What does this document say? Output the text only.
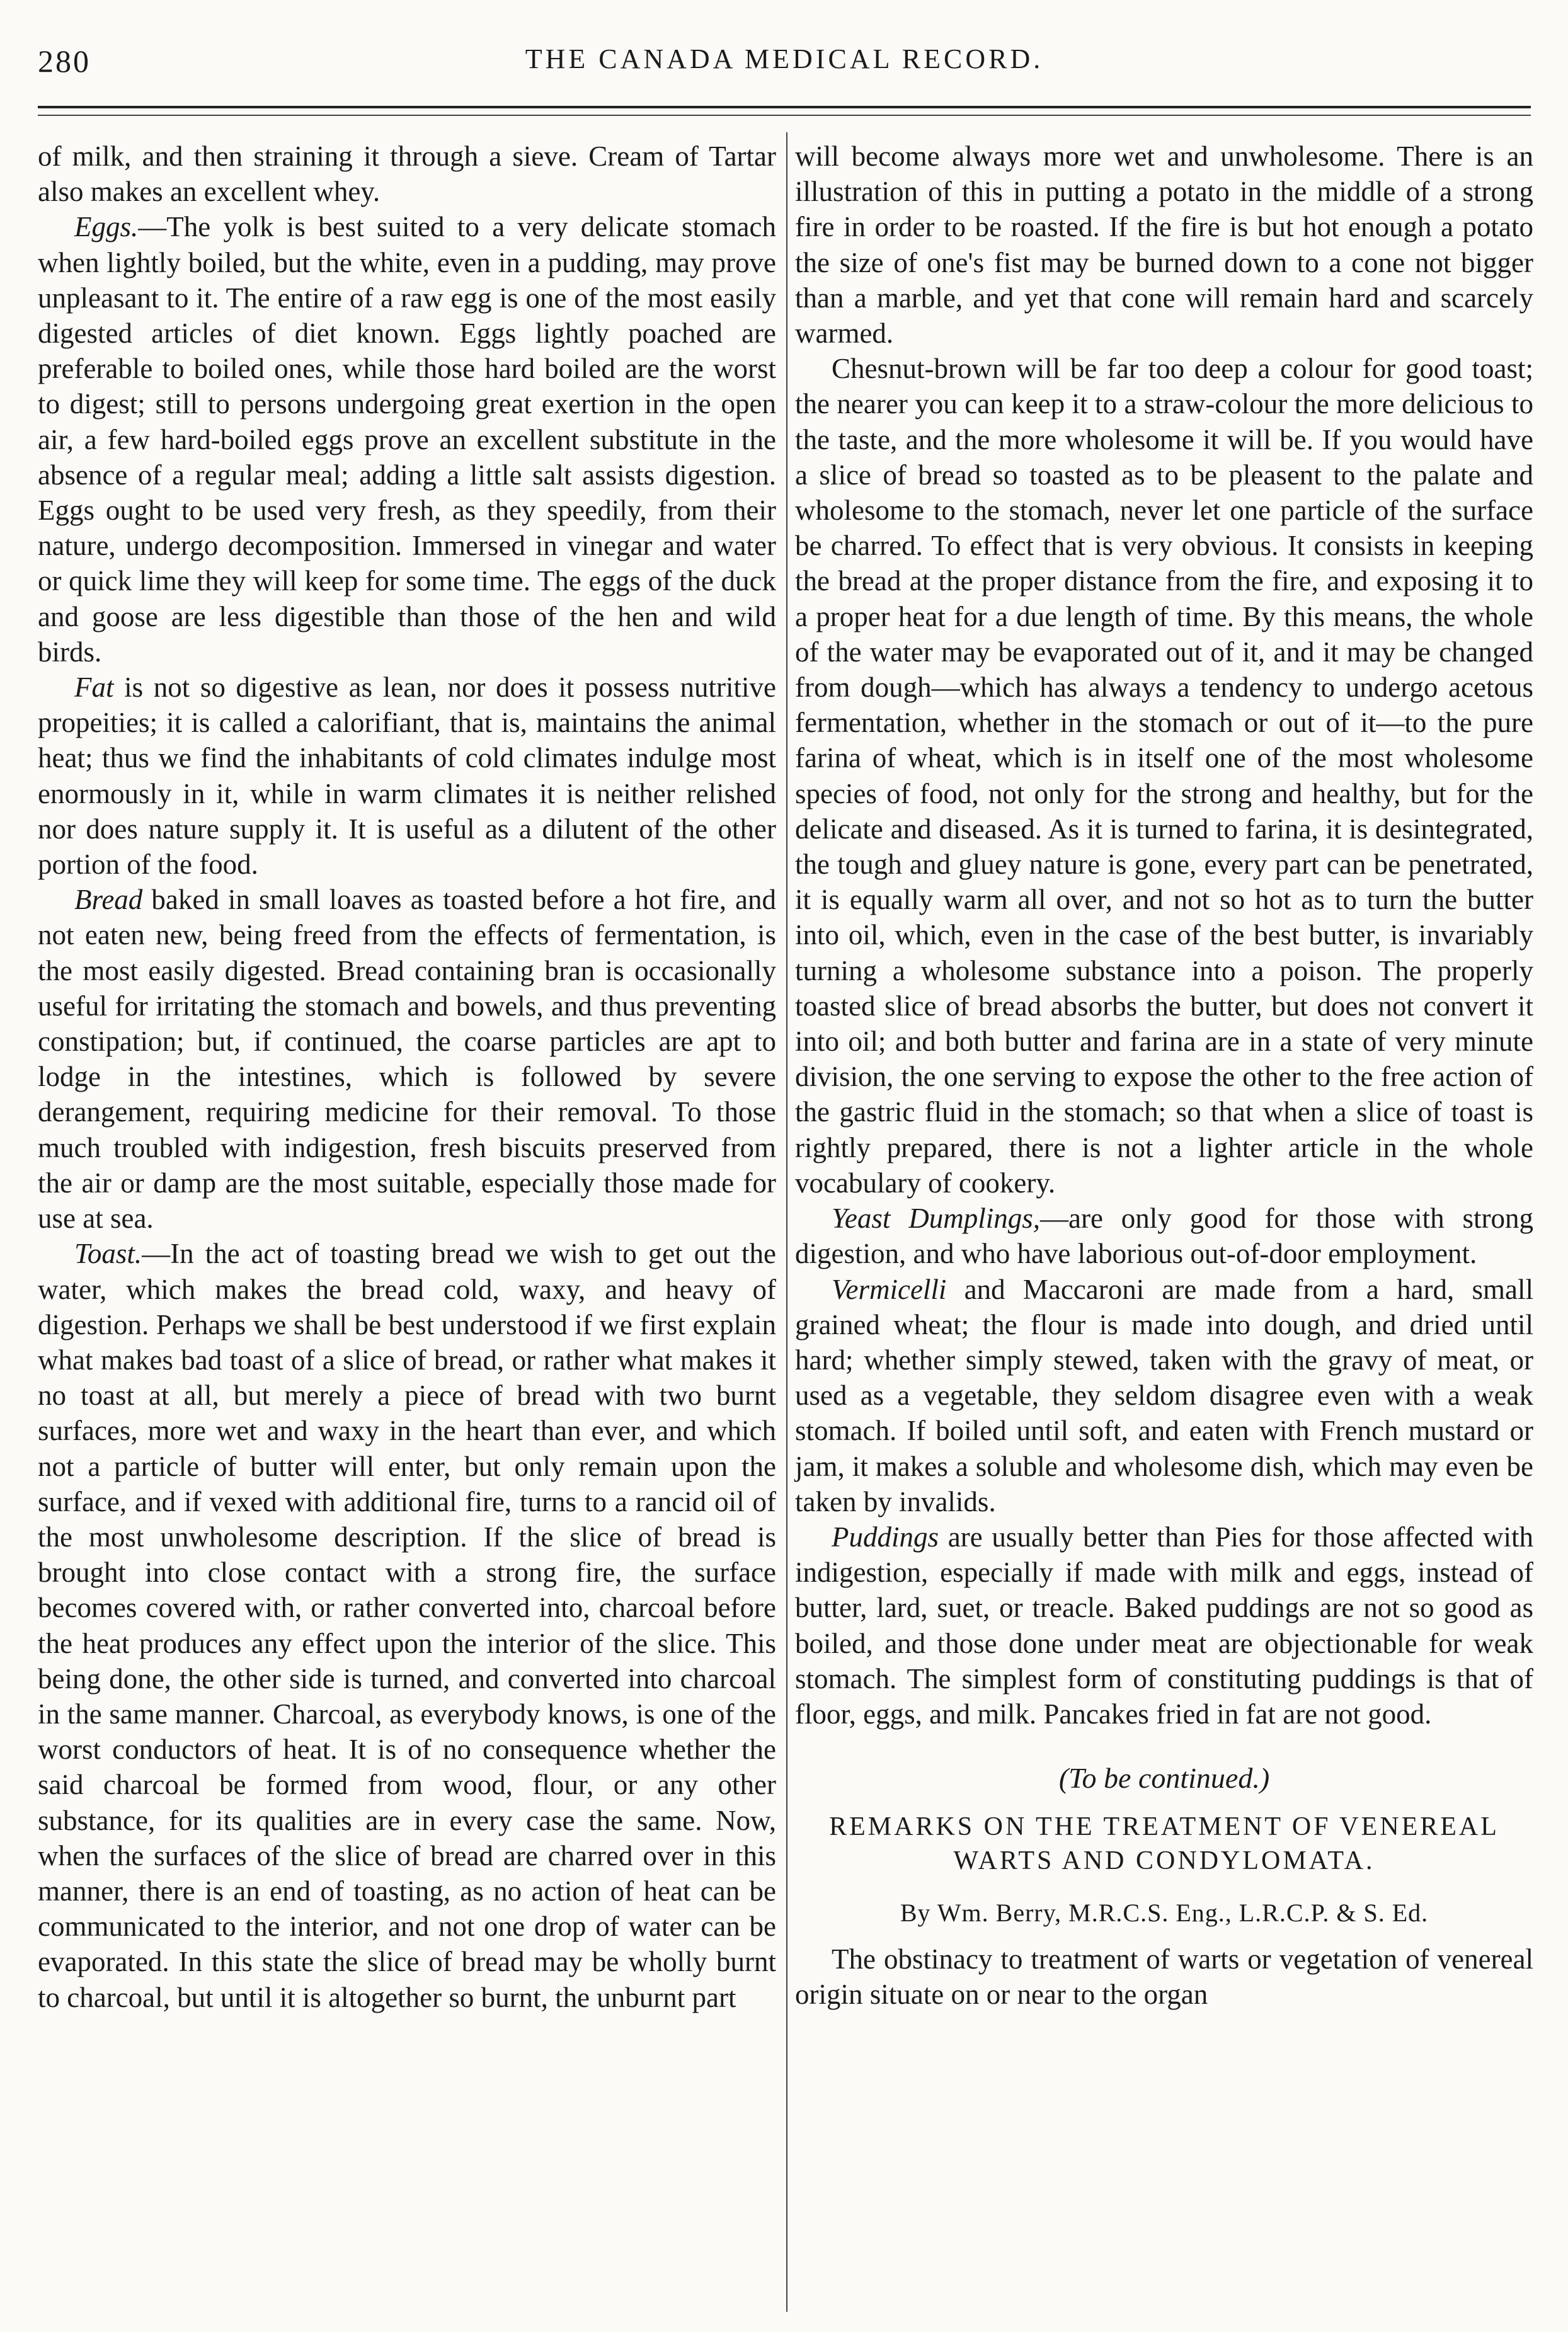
280	THE CANADA MEDICAL RECORD.

of milk, and then straining it through a sieve. Cream of Tartar also makes an excellent whey.

Eggs.—The yolk is best suited to a very delicate stomach when lightly boiled, but the white, even in a pudding, may prove unpleasant to it. The entire of a raw egg is one of the most easily digested articles of diet known. Eggs lightly poached are preferable to boiled ones, while those hard boiled are the worst to digest; still to persons undergoing great exertion in the open air, a few hard-boiled eggs prove an excellent substitute in the absence of a regular meal; adding a little salt assists digestion. Eggs ought to be used very fresh, as they speedily, from their nature, undergo decomposition. Immersed in vinegar and water or quick lime they will keep for some time. The eggs of the duck and goose are less digestible than those of the hen and wild birds.

Fat is not so digestive as lean, nor does it possess nutritive propeities; it is called a calorifiant, that is, maintains the animal heat; thus we find the inhabitants of cold climates indulge most enormously in it, while in warm climates it is neither relished nor does nature supply it. It is useful as a dilutent of the other portion of the food.

Bread baked in small loaves as toasted before a hot fire, and not eaten new, being freed from the effects of fermentation, is the most easily digested. Bread containing bran is occasionally useful for irritating the stomach and bowels, and thus preventing constipation; but, if continued, the coarse particles are apt to lodge in the intestines, which is followed by severe derangement, requiring medicine for their removal. To those much troubled with indigestion, fresh biscuits preserved from the air or damp are the most suitable, especially those made for use at sea.

Toast.—In the act of toasting bread we wish to get out the water, which makes the bread cold, waxy, and heavy of digestion. Perhaps we shall be best understood if we first explain what makes bad toast of a slice of bread, or rather what makes it no toast at all, but merely a piece of bread with two burnt surfaces, more wet and waxy in the heart than ever, and which not a particle of butter will enter, but only remain upon the surface, and if vexed with additional fire, turns to a rancid oil of the most unwholesome description. If the slice of bread is brought into close contact with a strong fire, the surface becomes covered with, or rather converted into, charcoal before the heat produces any effect upon the interior of the slice. This being done, the other side is turned, and converted into charcoal in the same manner. Charcoal, as everybody knows, is one of the worst conductors of heat. It is of no consequence whether the said charcoal be formed from wood, flour, or any other substance, for its qualities are in every case the same. Now, when the surfaces of the slice of bread are charred over in this manner, there is an end of toasting, as no action of heat can be communicated to the interior, and not one drop of water can be evaporated. In this state the slice of bread may be wholly burnt to charcoal, but until it is altogether so burnt, the unburnt part

will become always more wet and unwholesome. There is an illustration of this in putting a potato in the middle of a strong fire in order to be roasted. If the fire is but hot enough a potato the size of one's fist may be burned down to a cone not bigger than a marble, and yet that cone will remain hard and scarcely warmed.

Chesnut-brown will be far too deep a colour for good toast; the nearer you can keep it to a straw-colour the more delicious to the taste, and the more wholesome it will be. If you would have a slice of bread so toasted as to be pleasent to the palate and wholesome to the stomach, never let one particle of the surface be charred. To effect that is very obvious. It consists in keeping the bread at the proper distance from the fire, and exposing it to a proper heat for a due length of time. By this means, the whole of the water may be evaporated out of it, and it may be changed from dough—which has always a tendency to undergo acetous fermentation, whether in the stomach or out of it—to the pure farina of wheat, which is in itself one of the most wholesome species of food, not only for the strong and healthy, but for the delicate and diseased. As it is turned to farina, it is desintegrated, the tough and gluey nature is gone, every part can be penetrated, it is equally warm all over, and not so hot as to turn the butter into oil, which, even in the case of the best butter, is invariably turning a wholesome substance into a poison. The properly toasted slice of bread absorbs the butter, but does not convert it into oil; and both butter and farina are in a state of very minute division, the one serving to expose the other to the free action of the gastric fluid in the stomach; so that when a slice of toast is rightly prepared, there is not a lighter article in the whole vocabulary of cookery.

Yeast Dumplings,—are only good for those with strong digestion, and who have laborious out-of-door employment.

Vermicelli and Maccaroni are made from a hard, small grained wheat; the flour is made into dough, and dried until hard; whether simply stewed, taken with the gravy of meat, or used as a vegetable, they seldom disagree even with a weak stomach. If boiled until soft, and eaten with French mustard or jam, it makes a soluble and wholesome dish, which may even be taken by invalids.

Puddings are usually better than Pies for those affected with indigestion, especially if made with milk and eggs, instead of butter, lard, suet, or treacle. Baked puddings are not so good as boiled, and those done under meat are objectionable for weak stomach. The simplest form of constituting puddings is that of floor, eggs, and milk. Pancakes fried in fat are not good.

(To be continued.)
REMARKS ON THE TREATMENT OF VENEREAL WARTS AND CONDYLOMATA.
By Wm. Berry, M.R.C.S. Eng., L.R.C.P. & S. Ed.

The obstinacy to treatment of warts or vegetation of venereal origin situate on or near to the organ
